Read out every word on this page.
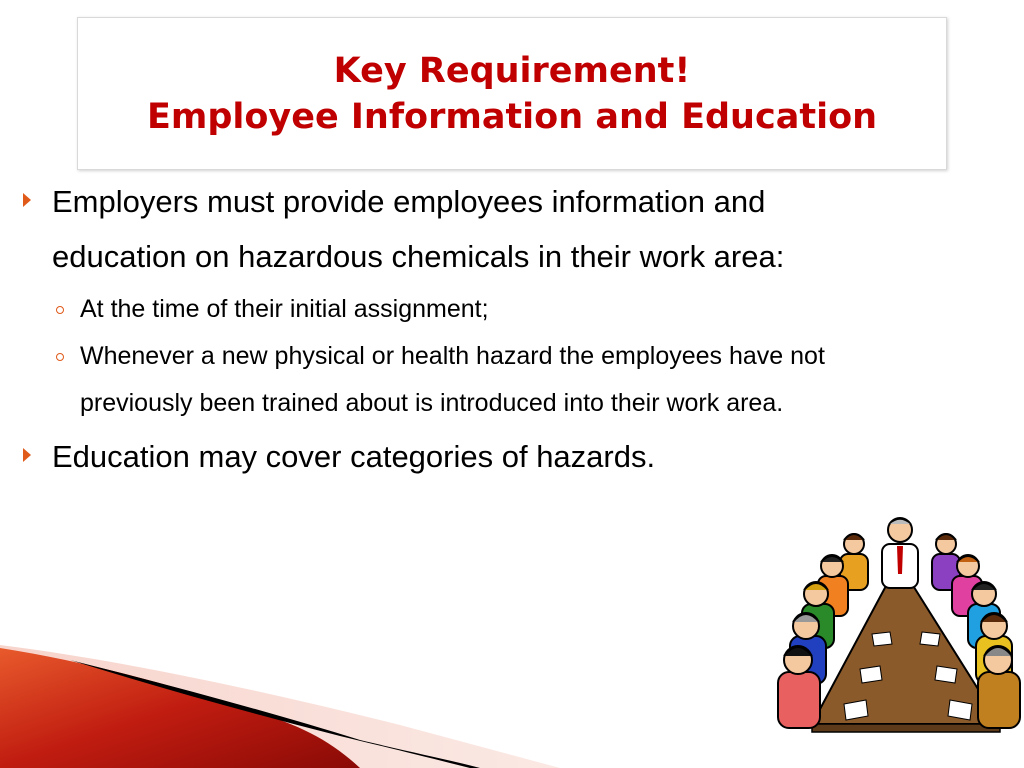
Key Requirement!
Employee Information and Education
Employers must provide employees information and education on hazardous chemicals in their work area:
At the time of their initial assignment;
Whenever a new physical or health hazard the employees have not previously been trained about is introduced into their work area.
Education may cover categories of hazards.
